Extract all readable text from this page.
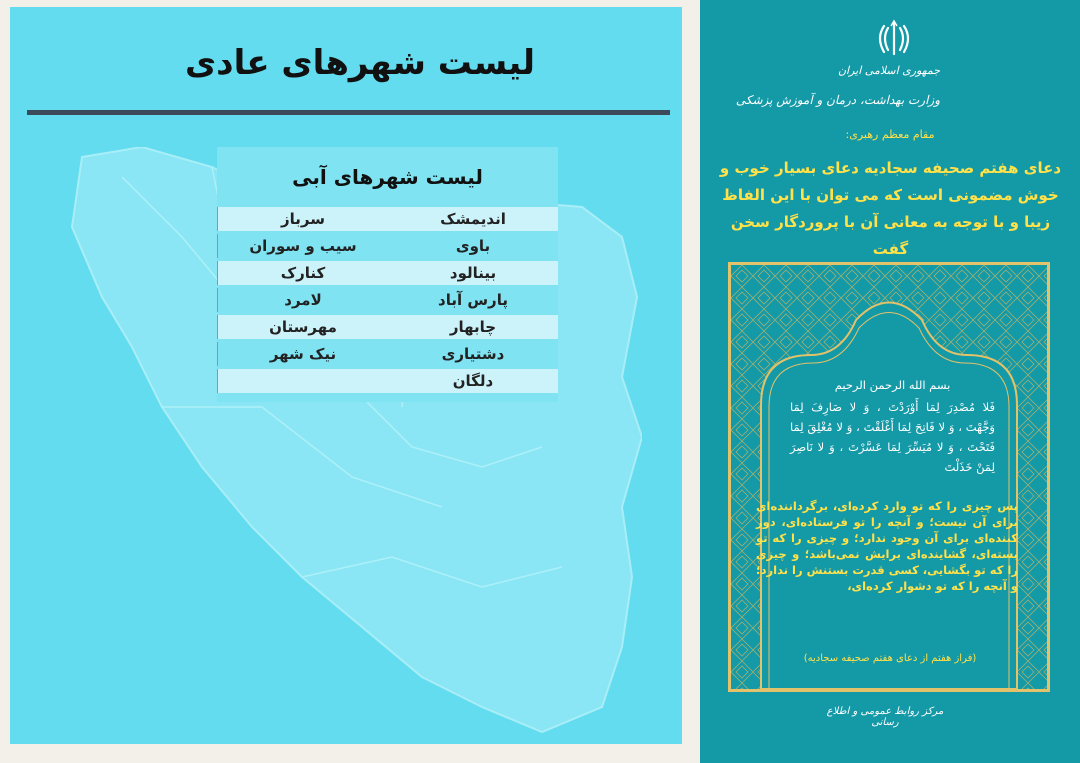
لیست شهرهای عادی
لیست شهرهای آبی
اندیمشک
سرباز
باوی
سیب و سوران
بینالود
کنارک
پارس آباد
لامرد
چابهار
مهرستان
دشتیاری
نیک شهر
دلگان
جمهوری اسلامی ایران
وزارت بهداشت، درمان و آموزش پزشکی
مقام معظم رهبری:
دعای هفتم صحیفه سجادیه دعای بسیار خوب و خوش مضمونی است که می توان با این الفاظ زیبا و با توجه به معانی آن با پروردگار سخن گفت
بسم الله الرحمن الرحيم
فَلا مُصْدِرَ لِمَا أَوْرَدْتَ ، وَ لا صَارِفَ لِمَا وَجَّهْتَ ، وَ لا فَاتِحَ لِمَا أَغْلَقْتَ ، وَ لا مُغْلِقَ لِمَا فَتَحْتَ ، وَ لا مُيَسِّرَ لِمَا عَسَّرْتَ ، وَ لا نَاصِرَ لِمَنْ خَذَلْتَ
پس چیزی را که تو وارد کرده‌ای، برگرداننده‌ای برای آن نیست؛ و آنچه را تو فرستاده‌ای، دور کننده‌ای برای آن وجود ندارد؛ و چیزی را که تو بسته‌ای، گشاینده‌ای برایش نمی‌باشد؛ و چیزی را که تو بگشایی، کسی قدرت بستنش را ندارد؛ و آنچه را که تو دشوار کرده‌ای،
(فراز هفتم از دعای هفتم صحیفه سجادیه)
مرکز روابط عمومی و اطلاع رسانی
